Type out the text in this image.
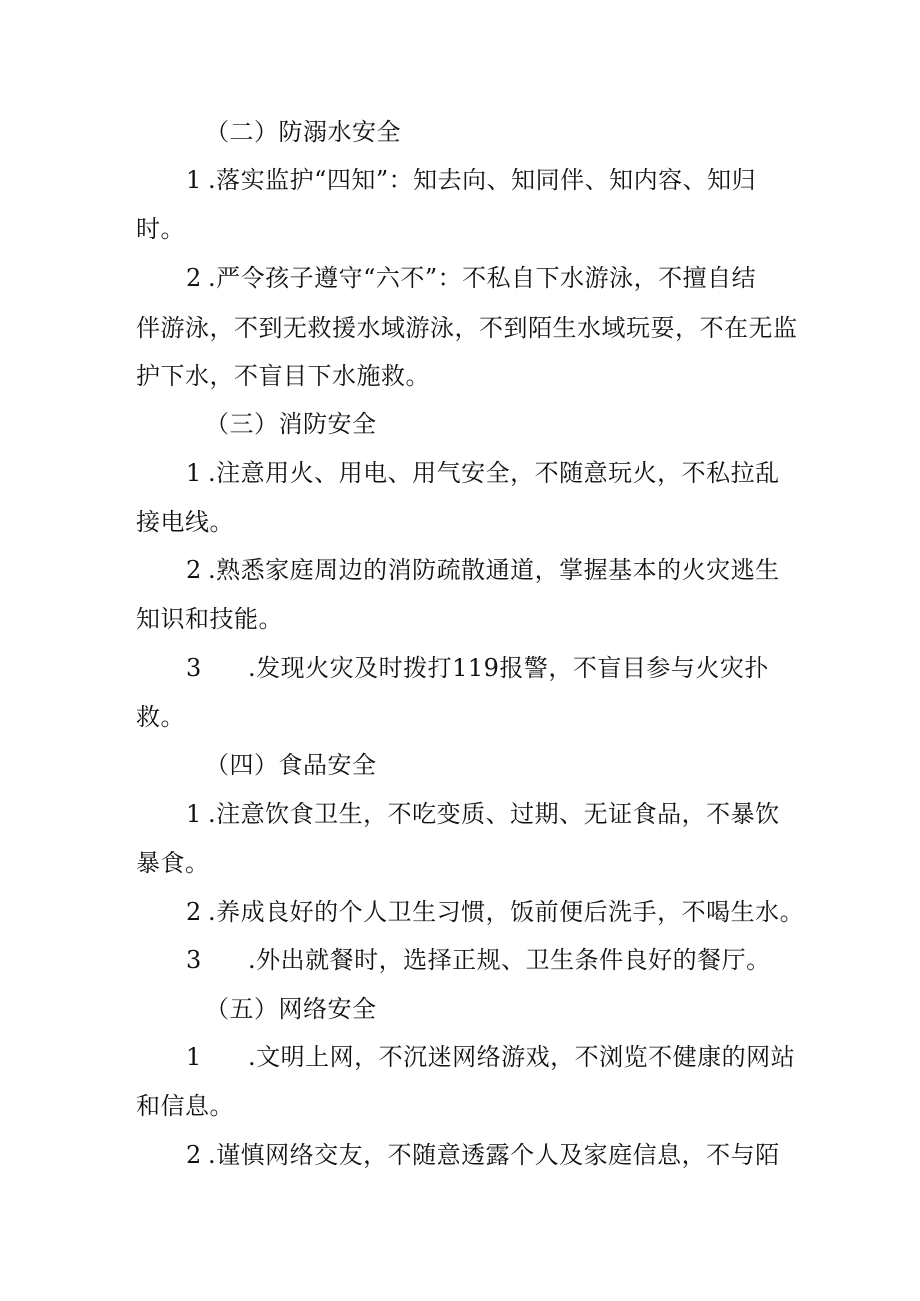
（二）防溺水安全
1 .落实监护“四知”：知去向、知同伴、知内容、知归
时。
2 .严令孩子遵守“六不”：不私自下水游泳，不擅自结
伴游泳，不到无救援水域游泳，不到陌生水域玩耍，不在无监
护下水，不盲目下水施救。
（三）消防安全
1 .注意用火、用电、用气安全，不随意玩火，不私拉乱
接电线。
2 .熟悉家庭周边的消防疏散通道，掌握基本的火灾逃生
知识和技能。
3 .发现火灾及时拨打119报警，不盲目参与火灾扑
救。
（四）食品安全
1 .注意饮食卫生，不吃变质、过期、无证食品，不暴饮
暴食。
2 .养成良好的个人卫生习惯，饭前便后洗手，不喝生水。
3 .外出就餐时，选择正规、卫生条件良好的餐厅。
（五）网络安全
1 .文明上网，不沉迷网络游戏，不浏览不健康的网站
和信息。
2 .谨慎网络交友，不随意透露个人及家庭信息，不与陌
